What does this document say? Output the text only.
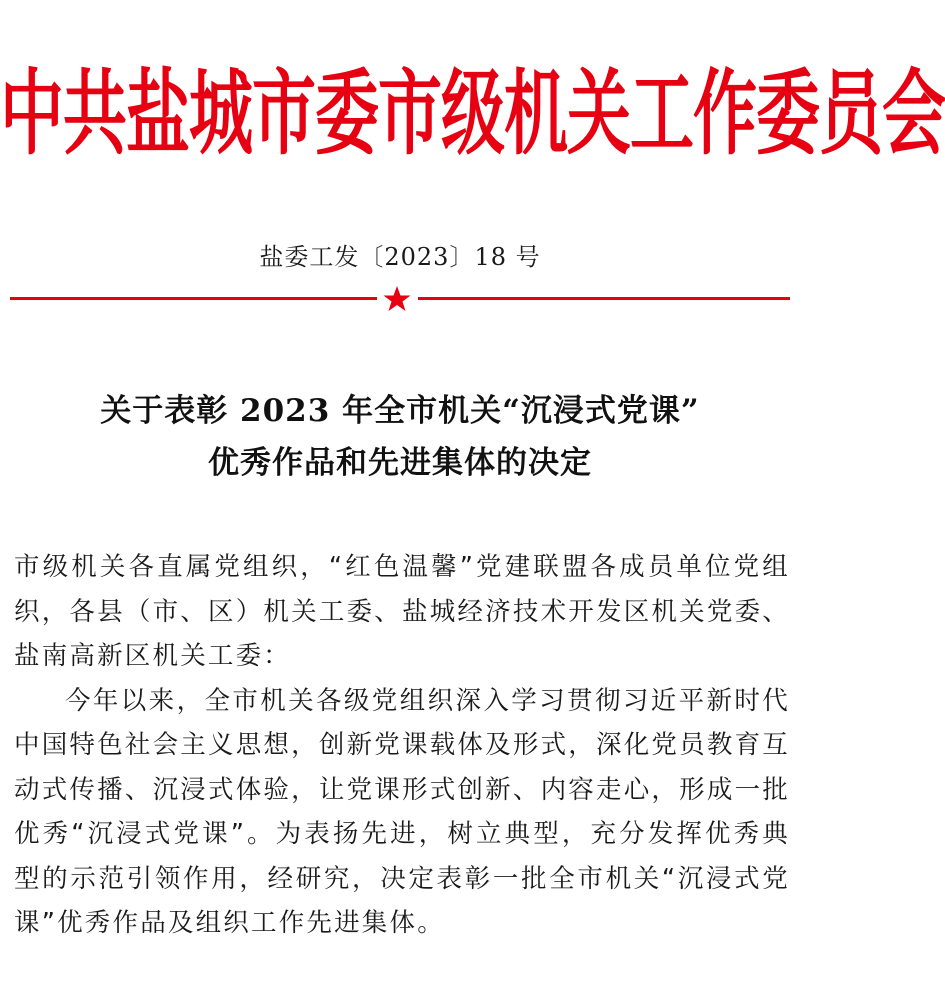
中共盐城市委市级机关工作委员会
盐委工发〔2023〕18 号
关于表彰 2023 年全市机关“沉浸式党课”
优秀作品和先进集体的决定

市级机关各直属党组织，“红色温馨”党建联盟各成员单位党组织，各县（市、区）机关工委、盐城经济技术开发区机关党委、盐南高新区机关工委：

今年以来，全市机关各级党组织深入学习贯彻习近平新时代中国特色社会主义思想，创新党课载体及形式，深化党员教育互动式传播、沉浸式体验，让党课形式创新、内容走心，形成一批优秀“沉浸式党课”。为表扬先进，树立典型，充分发挥优秀典型的示范引领作用，经研究，决定表彰一批全市机关“沉浸式党课”优秀作品及组织工作先进集体。
